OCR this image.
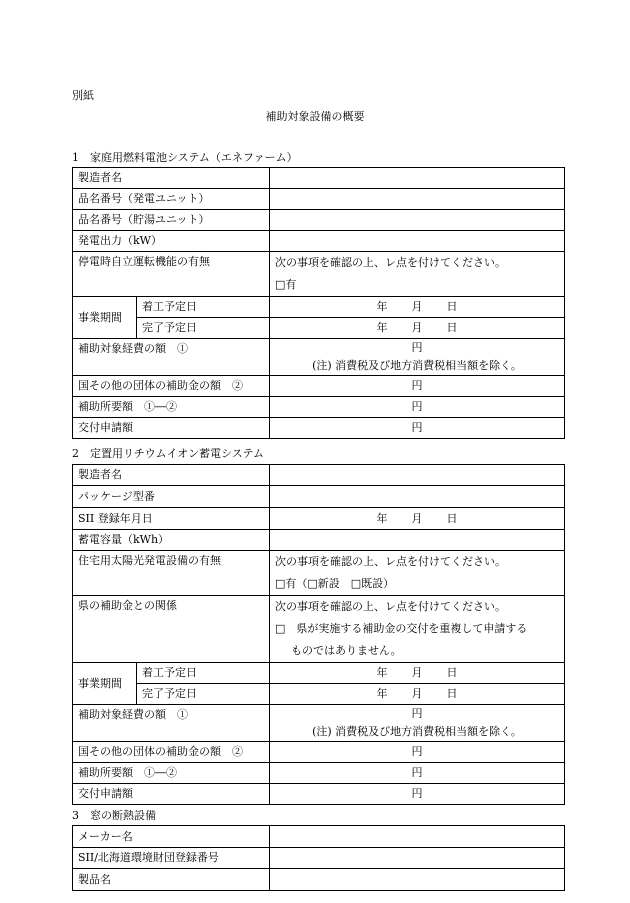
別紙
補助対象設備の概要
1　家庭用燃料電池システム（エネファーム）
製造者名		
品名番号（発電ユニット）		
品名番号（貯湯ユニット）		
発電出力（kW）		
停電時自立運転機能の有無		次の事項を確認の上、レ点を付けてください。
□有

事業期間	着工予定日	年 月 日
	完了予定日	年 月 日
補助対象経費の額　①		円
(注) 消費税及び地方消費税相当額を除く。

国その他の団体の補助金の額　②		円
補助所要額　①―②		円
交付申請額		円
2　定置用リチウムイオン蓄電システム
製造者名		
パッケージ型番		
SII 登録年月日		年 月 日
蓄電容量（kWh）		
住宅用太陽光発電設備の有無		次の事項を確認の上、レ点を付けてください。
□有（□新設　□既設）

県の補助金との関係		次の事項を確認の上、レ点を付けてください。
□　県が実施する補助金の交付を重複して申請する
ものではありません。

事業期間	着工予定日	年 月 日
	完了予定日	年 月 日
補助対象経費の額　①		円
(注) 消費税及び地方消費税相当額を除く。

国その他の団体の補助金の額　②		円
補助所要額　①―②		円
交付申請額		円
3　窓の断熱設備
メーカー名	
SII/北海道環境財団登録番号	
製品名	
